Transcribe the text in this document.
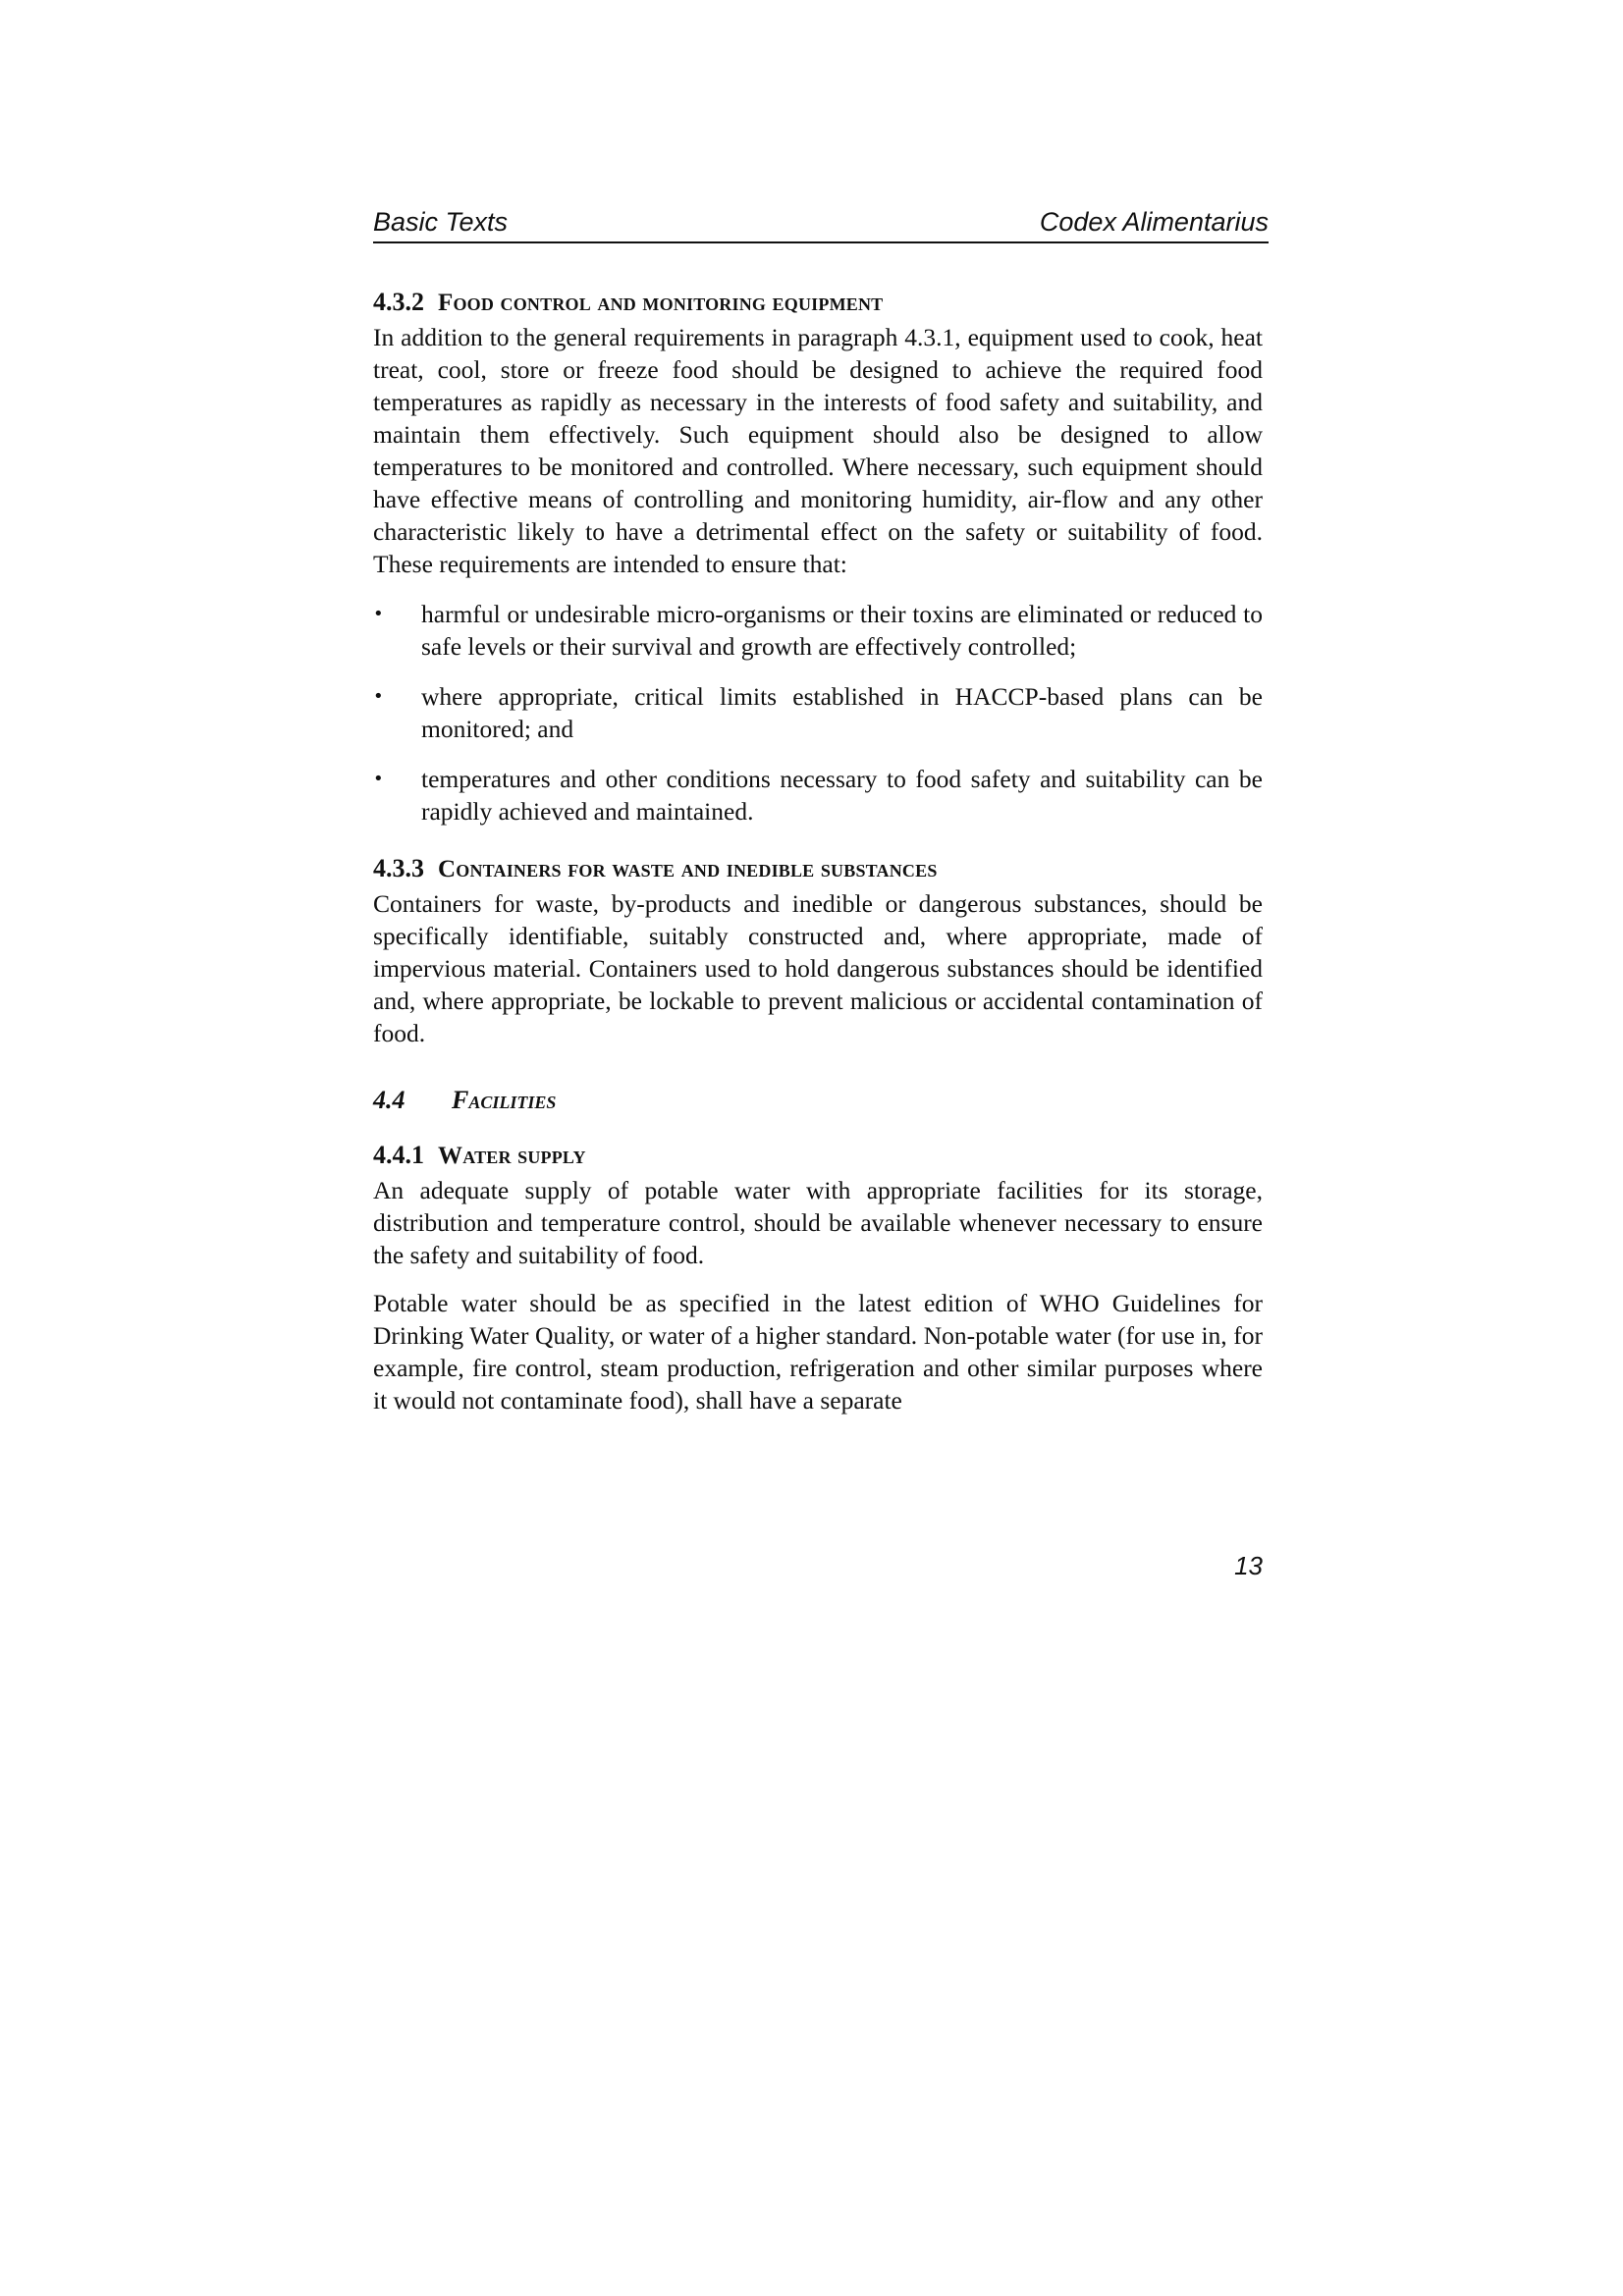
Basic Texts	Codex Alimentarius
4.3.2 Food control and monitoring equipment

In addition to the general requirements in paragraph 4.3.1, equipment used to cook, heat treat, cool, store or freeze food should be designed to achieve the required food temperatures as rapidly as necessary in the interests of food safety and suitability, and maintain them effectively. Such equipment should also be designed to allow temperatures to be monitored and controlled. Where necessary, such equipment should have effective means of controlling and monitoring humidity, air-flow and any other characteristic likely to have a detrimental effect on the safety or suitability of food. These requirements are intended to ensure that:

• harmful or undesirable micro-organisms or their toxins are eliminated or reduced to safe levels or their survival and growth are effectively controlled;
• where appropriate, critical limits established in HACCP-based plans can be monitored; and
• temperatures and other conditions necessary to food safety and suitability can be rapidly achieved and maintained.
4.3.3 Containers for waste and inedible substances

Containers for waste, by-products and inedible or dangerous substances, should be specifically identifiable, suitably constructed and, where appropriate, made of impervious material. Containers used to hold dangerous substances should be identified and, where appropriate, be lockable to prevent malicious or accidental contamination of food.

4.4	Facilities
4.4.1 Water supply

An adequate supply of potable water with appropriate facilities for its storage, distribution and temperature control, should be available whenever necessary to ensure the safety and suitability of food.

Potable water should be as specified in the latest edition of WHO Guidelines for Drinking Water Quality, or water of a higher standard. Non-potable water (for use in, for example, fire control, steam production, refrigeration and other similar purposes where it would not contaminate food), shall have a separate

13
